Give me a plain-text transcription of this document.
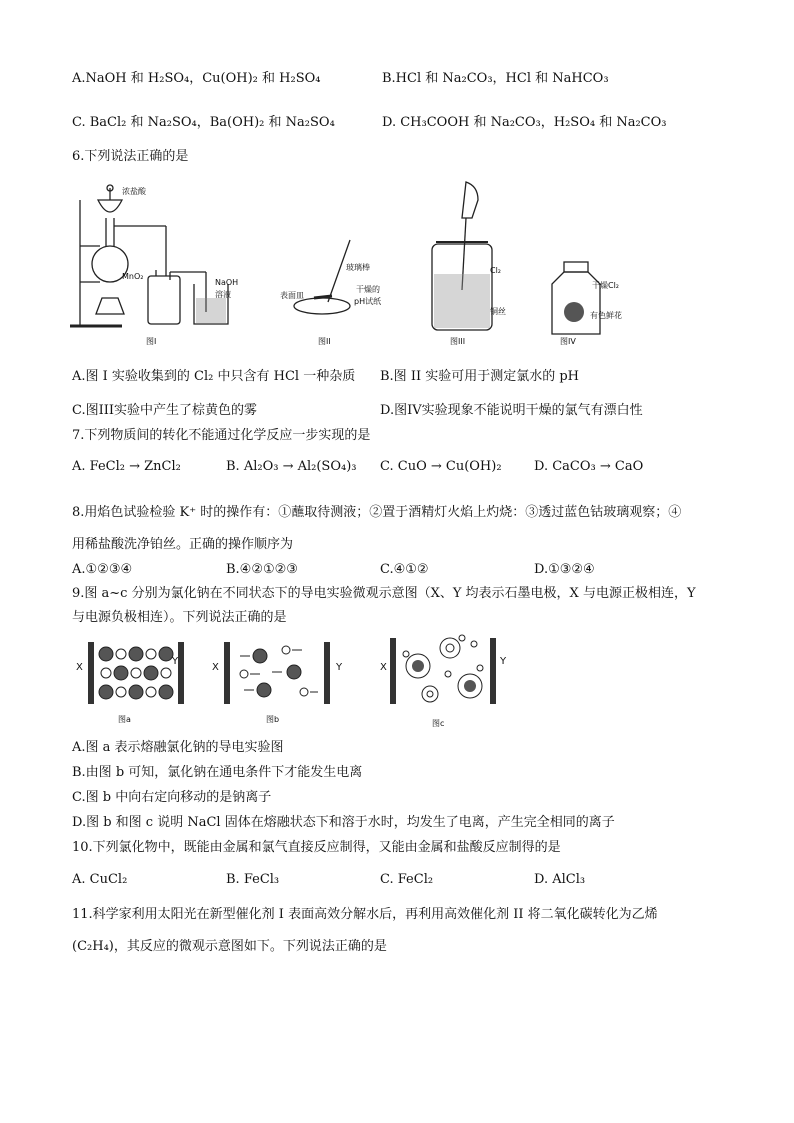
A.NaOH 和 H₂SO₄，Cu(OH)₂ 和 H₂SO₄	B.HCl 和 Na₂CO₃，HCl 和 NaHCO₃
C. BaCl₂ 和 Na₂SO₄，Ba(OH)₂ 和 Na₂SO₄	D. CH₃COOH 和 Na₂CO₃，H₂SO₄ 和 Na₂CO₃
6.下列说法正确的是
浓盐酸
MnO₂
NaOH
溶液
图I
玻璃棒
表面皿
干燥的
pH试纸
图II
Cl₂
铜丝
图III
干燥Cl₂
有色鲜花
图IV
A.图 I 实验收集到的 Cl₂ 中只含有 HCl 一种杂质 B.图 II 实验可用于测定氯水的 pH
C.图III实验中产生了棕黄色的雾	D.图IV实验现象不能说明干燥的氯气有漂白性
7.下列物质间的转化不能通过化学反应一步实现的是
A. FeCl₂ → ZnCl₂	B. Al₂O₃ → Al₂(SO₄)₃ C. CuO → Cu(OH)₂ D. CaCO₃ → CaO
8.用焰色试验检验 K⁺ 时的操作有：①蘸取待测液；②置于酒精灯火焰上灼烧：③透过蓝色钴玻璃观察；④
用稀盐酸洗净铂丝。正确的操作顺序为
A.①②③④	B.④②①②③	C.④①②	D.①③②④
9.图 a~c 分别为氯化钠在不同状态下的导电实验微观示意图（X、Y 均表示石墨电极，X 与电源正极相连，Y
与电源负极相连）。下列说法正确的是
X
Y
图a
X	Y
图b
X
Y
图c
A.图 a 表示熔融氯化钠的导电实验图
B.由图 b 可知，氯化钠在通电条件下才能发生电离
C.图 b 中向右定向移动的是钠离子
D.图 b 和图 c 说明 NaCl 固体在熔融状态下和溶于水时，均发生了电离，产生完全相同的离子
10.下列氯化物中，既能由金属和氯气直接反应制得，又能由金属和盐酸反应制得的是
A. CuCl₂	B. FeCl₃	C. FeCl₂	D. AlCl₃
11.科学家利用太阳光在新型催化剂 I 表面高效分解水后，再利用高效催化剂 II 将二氧化碳转化为乙烯
(C₂H₄)，其反应的微观示意图如下。下列说法正确的是
